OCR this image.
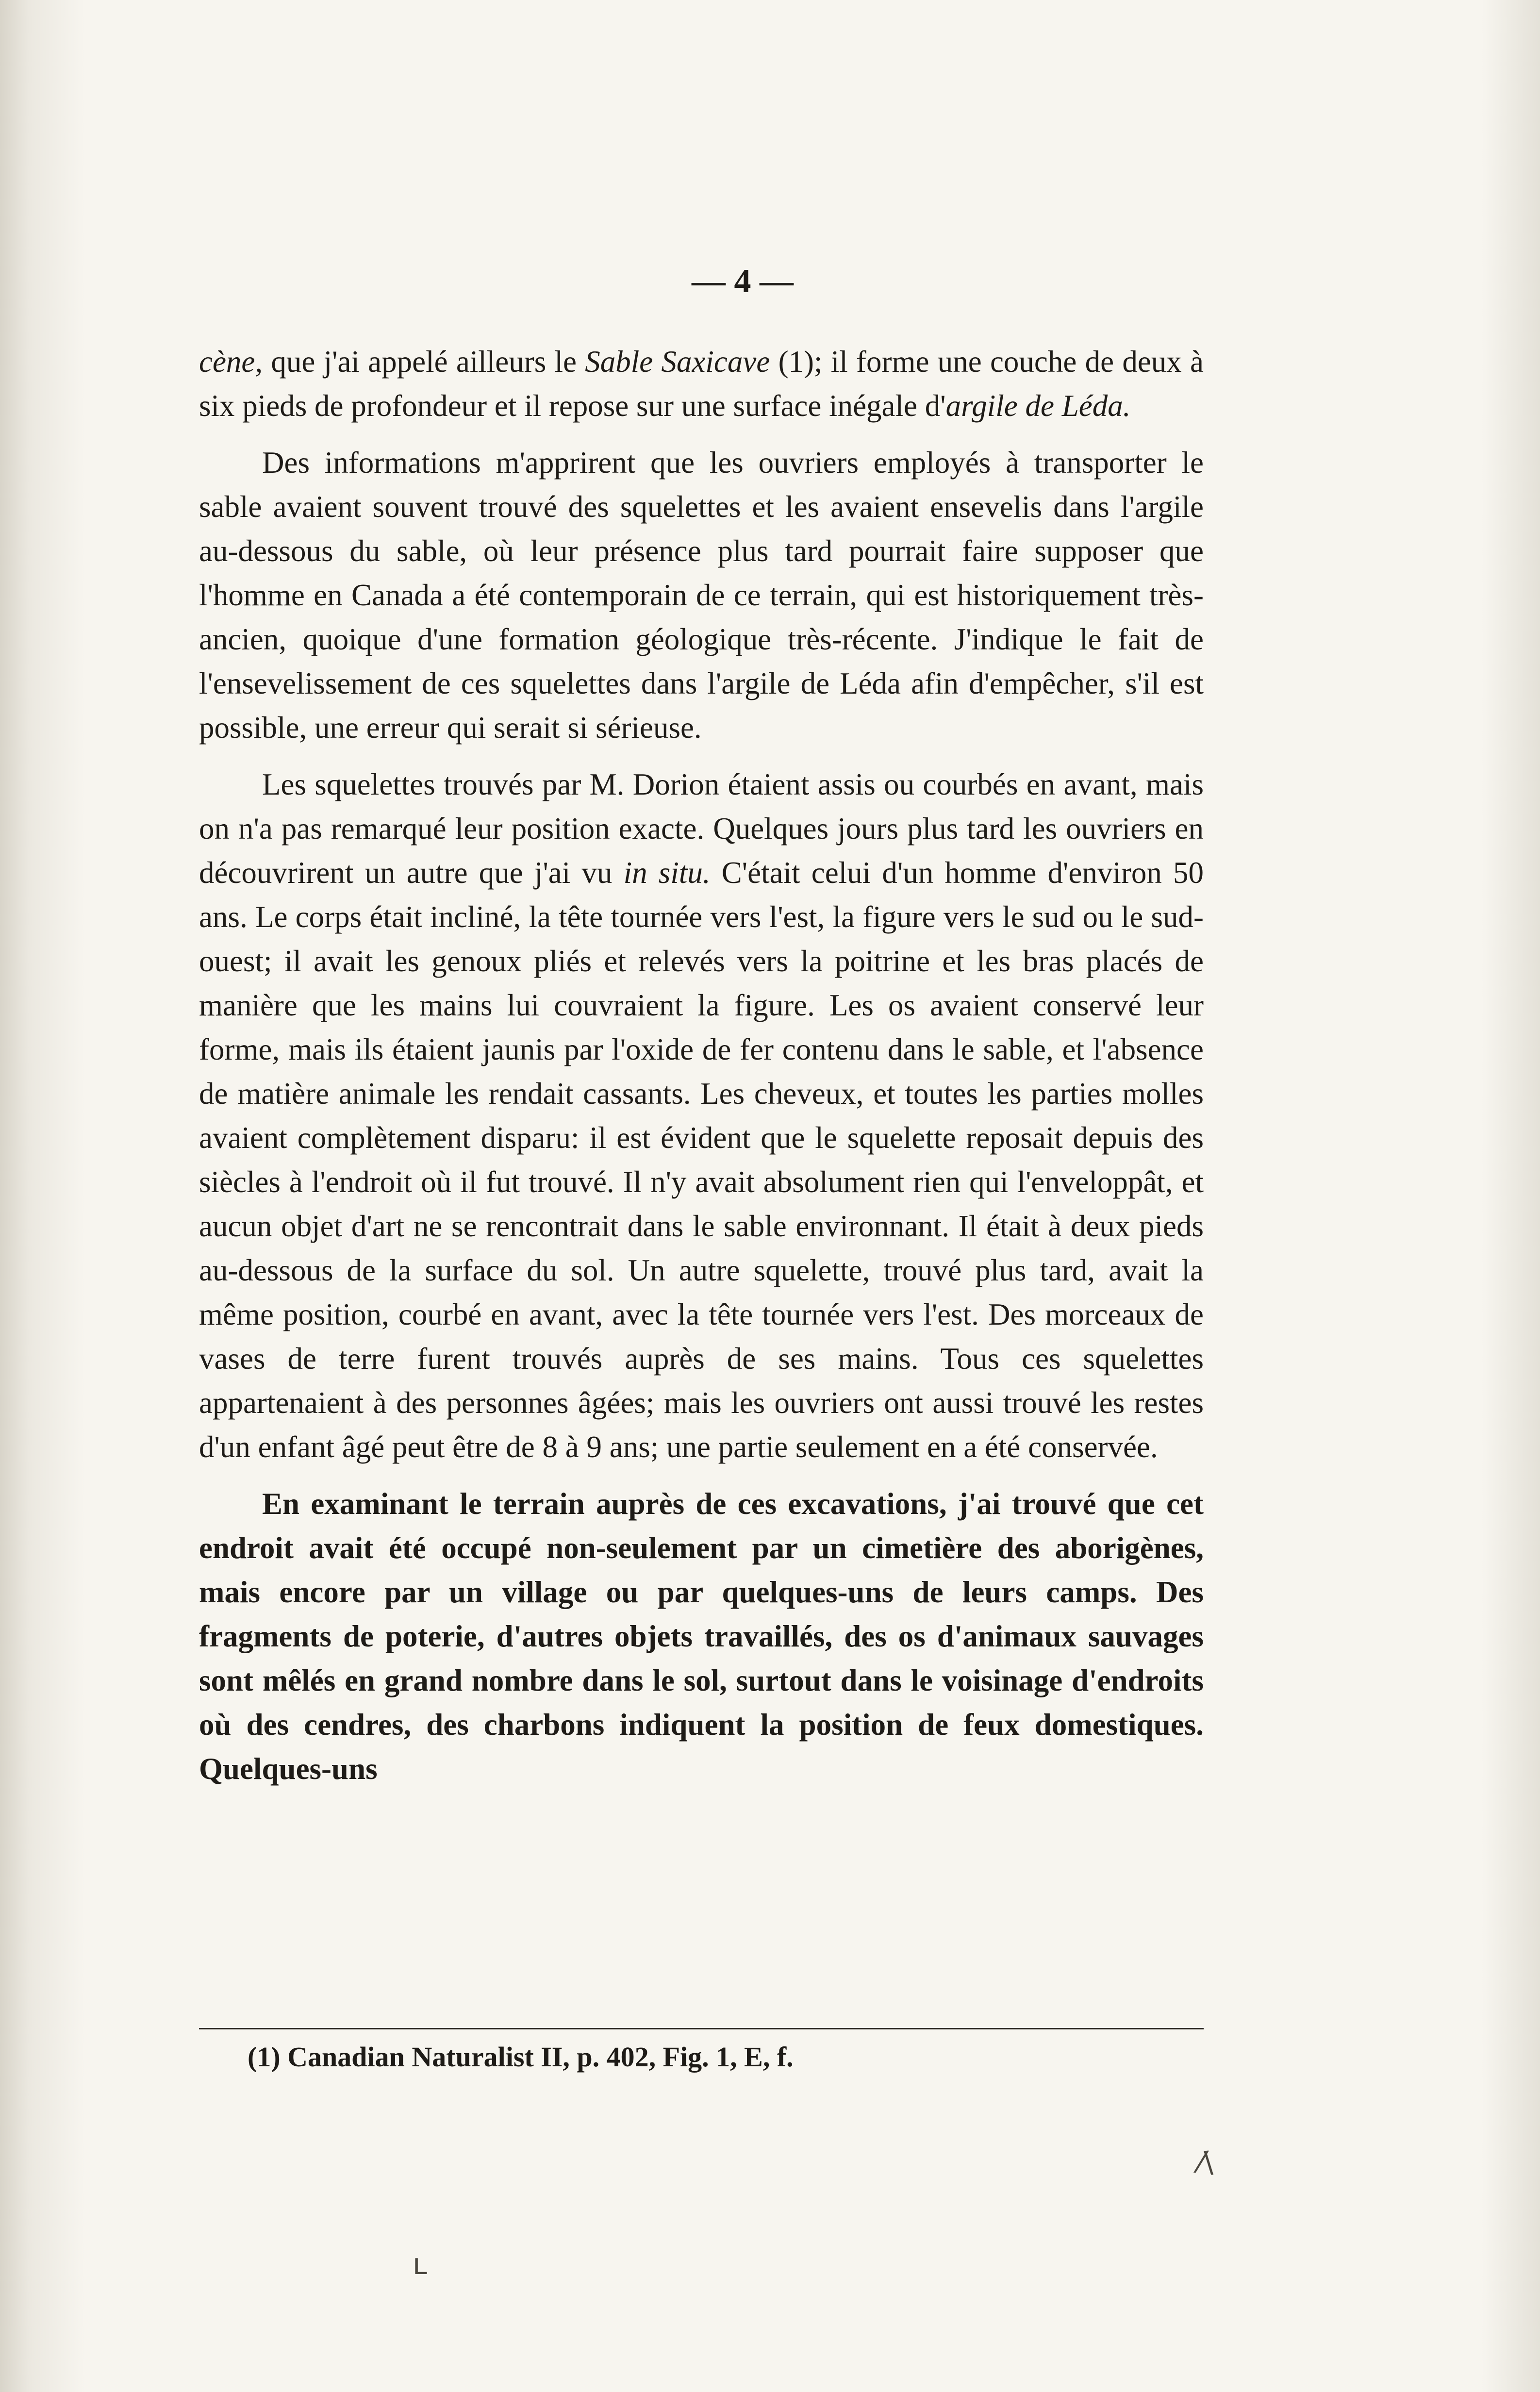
— 4 —

cène, que j'ai appelé ailleurs le Sable Saxicave (1); il forme une couche de deux à six pieds de profondeur et il repose sur une surface inégale d'argile de Léda.

Des informations m'apprirent que les ouvriers employés à transporter le sable avaient souvent trouvé des squelettes et les avaient ensevelis dans l'argile au-dessous du sable, où leur présence plus tard pourrait faire supposer que l'homme en Canada a été contemporain de ce terrain, qui est historiquement très-ancien, quoique d'une formation géologique très-récente. J'indique le fait de l'ensevelissement de ces squelettes dans l'argile de Léda afin d'empêcher, s'il est possible, une erreur qui serait si sérieuse.

Les squelettes trouvés par M. Dorion étaient assis ou courbés en avant, mais on n'a pas remarqué leur position exacte. Quelques jours plus tard les ouvriers en découvrirent un autre que j'ai vu in situ. C'était celui d'un homme d'environ 50 ans. Le corps était incliné, la tête tournée vers l'est, la figure vers le sud ou le sud-ouest; il avait les genoux pliés et relevés vers la poitrine et les bras placés de manière que les mains lui couvraient la figure. Les os avaient conservé leur forme, mais ils étaient jaunis par l'oxide de fer contenu dans le sable, et l'absence de matière animale les rendait cassants. Les cheveux, et toutes les parties molles avaient complètement disparu: il est évident que le squelette reposait depuis des siècles à l'endroit où il fut trouvé. Il n'y avait absolument rien qui l'enveloppât, et aucun objet d'art ne se rencontrait dans le sable environnant. Il était à deux pieds au-dessous de la surface du sol. Un autre squelette, trouvé plus tard, avait la même position, courbé en avant, avec la tête tournée vers l'est. Des morceaux de vases de terre furent trouvés auprès de ses mains. Tous ces squelettes appartenaient à des personnes âgées; mais les ouvriers ont aussi trouvé les restes d'un enfant âgé peut être de 8 à 9 ans; une partie seulement en a été conservée.

En examinant le terrain auprès de ces excavations, j'ai trouvé que cet endroit avait été occupé non-seulement par un cimetière des aborigènes, mais encore par un village ou par quelques-uns de leurs camps. Des fragments de poterie, d'autres objets travaillés, des os d'animaux sauvages sont mêlés en grand nombre dans le sol, surtout dans le voisinage d'endroits où des cendres, des charbons indiquent la position de feux domestiques. Quelques-uns

(1) Canadian Naturalist II, p. 402, Fig. 1, E, f.
ʟ
⁄\
